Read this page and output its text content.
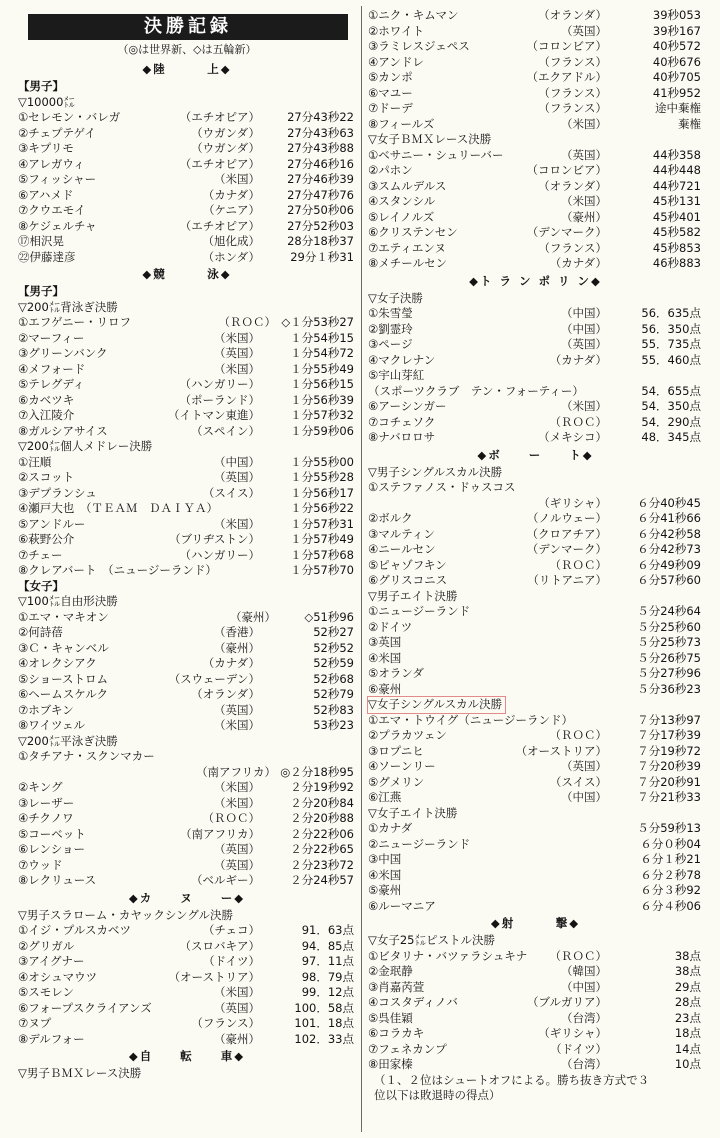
決勝記録
（◎は世界新、◇は五輪新）
◆陸　　　上◆
【男子】
▽10000㍍
①セレモン・バレガ	（エチオピア） 27分43秒22
②チェプテゲイ	（ウガンダ） 27分43秒63
③キプリモ	（ウガンダ） 27分43秒88
④アレガウィ	（エチオピア） 27分46秒16
⑤フィッシャー	（米国） 27分46秒39
⑥アハメド	（カナダ） 27分47秒76
⑦クウエモイ	（ケニア） 27分50秒06
⑧ケジェルチャ	（エチオピア） 27分52秒03
⑰相沢晃	（旭化成） 28分18秒37
㉒伊藤達彦	（ホンダ）	29分１秒31
◆競　　　泳◆
【男子】
▽200㍍背泳ぎ決勝
①エフゲニー・リロフ	（ＲＯＣ） ◇１分53秒27
②マーフィー	（米国）	１分54秒15
③グリーンバンク	（英国）	１分54秒72
④メフォード	（米国）	１分55秒49
⑤テレグディ	（ハンガリー）	１分56秒15
⑥カベツキ	（ポーランド）	１分56秒39
⑦入江陵介	（イトマン東進）	１分57秒32
⑧ガルシアサイス	（スペイン）	１分59秒06
▽200㍍個人メドレー決勝
①汪順	（中国）	１分55秒00
②スコット	（英国）	１分55秒28
③デプランシュ	（スイス）	１分56秒17
④瀬戸大也　（ＴＥＡＭ　ＤＡＩＹＡ）	１分56秒22
⑤アンドルー	（米国）	１分57秒31
⑥萩野公介	（ブリヂストン）	１分57秒49
⑦チェー	（ハンガリー）	１分57秒68
⑧クレアバート　（ニュージーランド）	１分57秒70
【女子】
▽100㍍自由形決勝
①エマ・マキオン	（豪州） ◇51秒96
②何詩蓓	（香港）	52秒27
③Ｃ・キャンベル	（豪州）	52秒52
④オレクシアク	（カナダ）	52秒59
⑤ショーストロム	（スウェーデン）	52秒68
⑥ヘームスケルク	（オランダ）	52秒79
⑦ホブキン	（英国）	52秒83
⑧ワイツェル	（米国）	53秒23
▽200㍍平泳ぎ決勝
①タチアナ・スクンマカー
（南アフリカ） ◎２分18秒95
②キング	（米国）	２分19秒92
③レーザー	（米国）	２分20秒84
④チクノワ	（ＲＯＣ）	２分20秒88
⑤コーベット	（南アフリカ）	２分22秒06
⑥レンショー	（英国）	２分22秒65
⑦ウッド	（英国）	２分23秒72
⑧レクリュース	（ベルギー）	２分24秒57
◆カ　　ヌ　　ー◆
▽男子スラローム・カヤックシングル決勝
①イジ・プルスカベツ	（チェコ）	91．63点
②グリガル	（スロバキア）	94．85点
③アイグナー	（ドイツ）	97．11点
④オシュマウツ	（オーストリア）	98．79点
⑤スモレン	（米国）	99．12点
⑥フォープスクライアンズ	（英国）	100．58点
⑦ヌプ	（フランス）	101．18点
⑧デルフォー	（豪州）	102．33点
◆自　　転　　車◆
▽男子ＢＭＸレース決勝
①ニク・キムマン	（オランダ）	39秒053
②ホワイト	（英国）	39秒167
③ラミレスジェペス	（コロンビア）	40秒572
④アンドレ	（フランス）	40秒676
⑤カンポ	（エクアドル）	40秒705
⑥マユー	（フランス）	41秒952
⑦ドーデ	（フランス）	途中棄権
⑧フィールズ	（米国）	棄権
▽女子ＢＭＸレース決勝
①ベサニー・シュリーバー	（英国）	44秒358
②パホン	（コロンビア）	44秒448
③スムルデルス	（オランダ）	44秒721
④スタンシル	（米国）	45秒131
⑤レイノルズ	（豪州）	45秒401
⑥クリステンセン	（デンマーク）	45秒582
⑦エティエンヌ	（フランス）	45秒853
⑧メチールセン	（カナダ）	46秒883
◆ト ラ ン ポ リ ン◆
▽女子決勝
①朱雪瑩	（中国）	56．635点
②劉霊玲	（中国）	56．350点
③ページ	（英国）	55．735点
④マクレナン	（カナダ）	55．460点
⑤宇山芽紅
（スポーツクラブ　テン・フォーティー）	54．655点
⑥アーシンガー	（米国）	54．350点
⑦コチェソク	（ＲＯＣ）	54．290点
⑧ナバロロサ	（メキシコ）	48．345点
◆ボ　　ー　　ト◆
▽男子シングルスカル決勝
①ステファノス・ドゥスコス
（ギリシャ）	６分40秒45
②ボルク	（ノルウェー）	６分41秒66
③マルティン	（クロアチア）	６分42秒58
④ニールセン	（デンマーク）	６分42秒73
⑤ピャゾフキン	（ＲＯＣ）	６分49秒09
⑥グリスコニス	（リトアニア）	６分57秒60
▽男子エイト決勝
①ニュージーランド	５分24秒64
②ドイツ	５分25秒60
③英国	５分25秒73
④米国	５分26秒75
⑤オランダ	５分27秒96
⑥豪州	５分36秒23
▽女子シングルスカル決勝
①エマ・トウイグ（ニュージーランド）	７分13秒97
②プラカツェン	（ＲＯＣ）	７分17秒39
③ロプニヒ	（オーストリア）	７分19秒72
④ソーンリー	（英国）	７分20秒39
⑤グメリン	（スイス）	７分20秒91
⑥江燕	（中国）	７分21秒33
▽女子エイト決勝
①カナダ	５分59秒13
②ニュージーランド	６分０秒04
③中国	６分１秒21
④米国	６分２秒78
⑤豪州	６分３秒92
⑥ルーマニア	６分４秒06
◆射　　　撃◆
▽女子25㍍ピストル決勝
①ビタリナ・バツァラシュキナ （ＲＯＣ）	38点
②金珉静	（韓国）	38点
③肖嘉芮萱	（中国）	29点
④コスタディノバ	（ブルガリア）	28点
⑤呉佳穎	（台湾）	23点
⑥コラカキ	（ギリシャ）	18点
⑦フェネカンプ	（ドイツ）	14点
⑧田家榛	（台湾）	10点
（１、２位はシュートオフによる。勝ち抜き方式で３
位以下は敗退時の得点）
